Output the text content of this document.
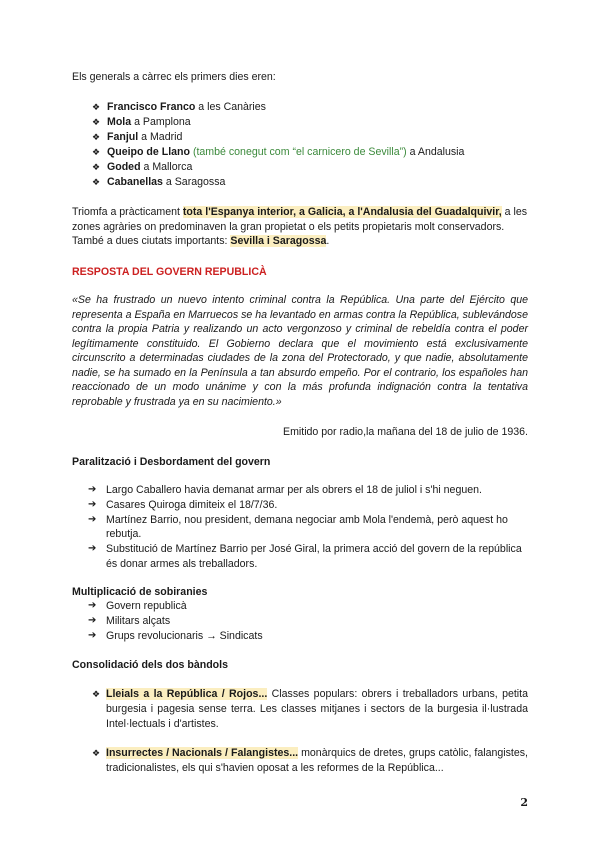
Els generals a càrrec els primers dies eren:
❖ Francisco Franco a les Canàries
❖ Mola a Pamplona
❖ Fanjul a Madrid
❖ Queipo de Llano (també conegut com “el carnicero de Sevilla”) a Andalusia
❖ Goded a Mallorca
❖ Cabanellas a Saragossa
Triomfa a pràcticament tota l'Espanya interior, a Galicia, a l'Andalusia del Guadalquivir, a les zones agràries on predominaven la gran propietat o els petits propietaris molt conservadors. També a dues ciutats importants: Sevilla i Saragossa.
RESPOSTA DEL GOVERN REPUBLICÀ
«Se ha frustrado un nuevo intento criminal contra la República. Una parte del Ejército que representa a España en Marruecos se ha levantado en armas contra la República, sublevándose contra la propia Patria y realizando un acto vergonzoso y criminal de rebeldía contra el poder legítimamente constituido. El Gobierno declara que el movimiento está exclusivamente circunscrito a determinadas ciudades de la zona del Protectorado, y que nadie, absolutamente nadie, se ha sumado en la Península a tan absurdo empeño. Por el contrario, los españoles han reaccionado de un modo unánime y con la más profunda indignación contra la tentativa reprobable y frustrada ya en su nacimiento.»
Emitido por radio,la mañana del 18 de julio de 1936.
Paralització i Desbordament del govern
➔ Largo Caballero havia demanat armar per als obrers el 18 de juliol i s'hi neguen.
➔ Casares Quiroga dimiteix el 18/7/36.
➔ Martínez Barrio, nou president, demana negociar amb Mola l'endemà, però aquest ho rebutja.
➔ Substitució de Martínez Barrio per José Giral, la primera acció del govern de la república és donar armes als treballadors.
Multiplicació de sobiranies
➔ Govern republicà
➔ Militars alçats
➔ Grups revolucionaris → Sindicats
Consolidació dels dos bàndols
❖ Lleials a la República / Rojos... Classes populars: obrers i treballadors urbans, petita burgesia i pagesia sense terra. Les classes mitjanes i sectors de la burgesia il·lustrada Intel·lectuals i d'artistes.
❖ Insurrectes / Nacionals / Falangistes... monàrquics de dretes, grups catòlic, falangistes, tradicionalistes, els qui s'havien oposat a les reformes de la República...
2
